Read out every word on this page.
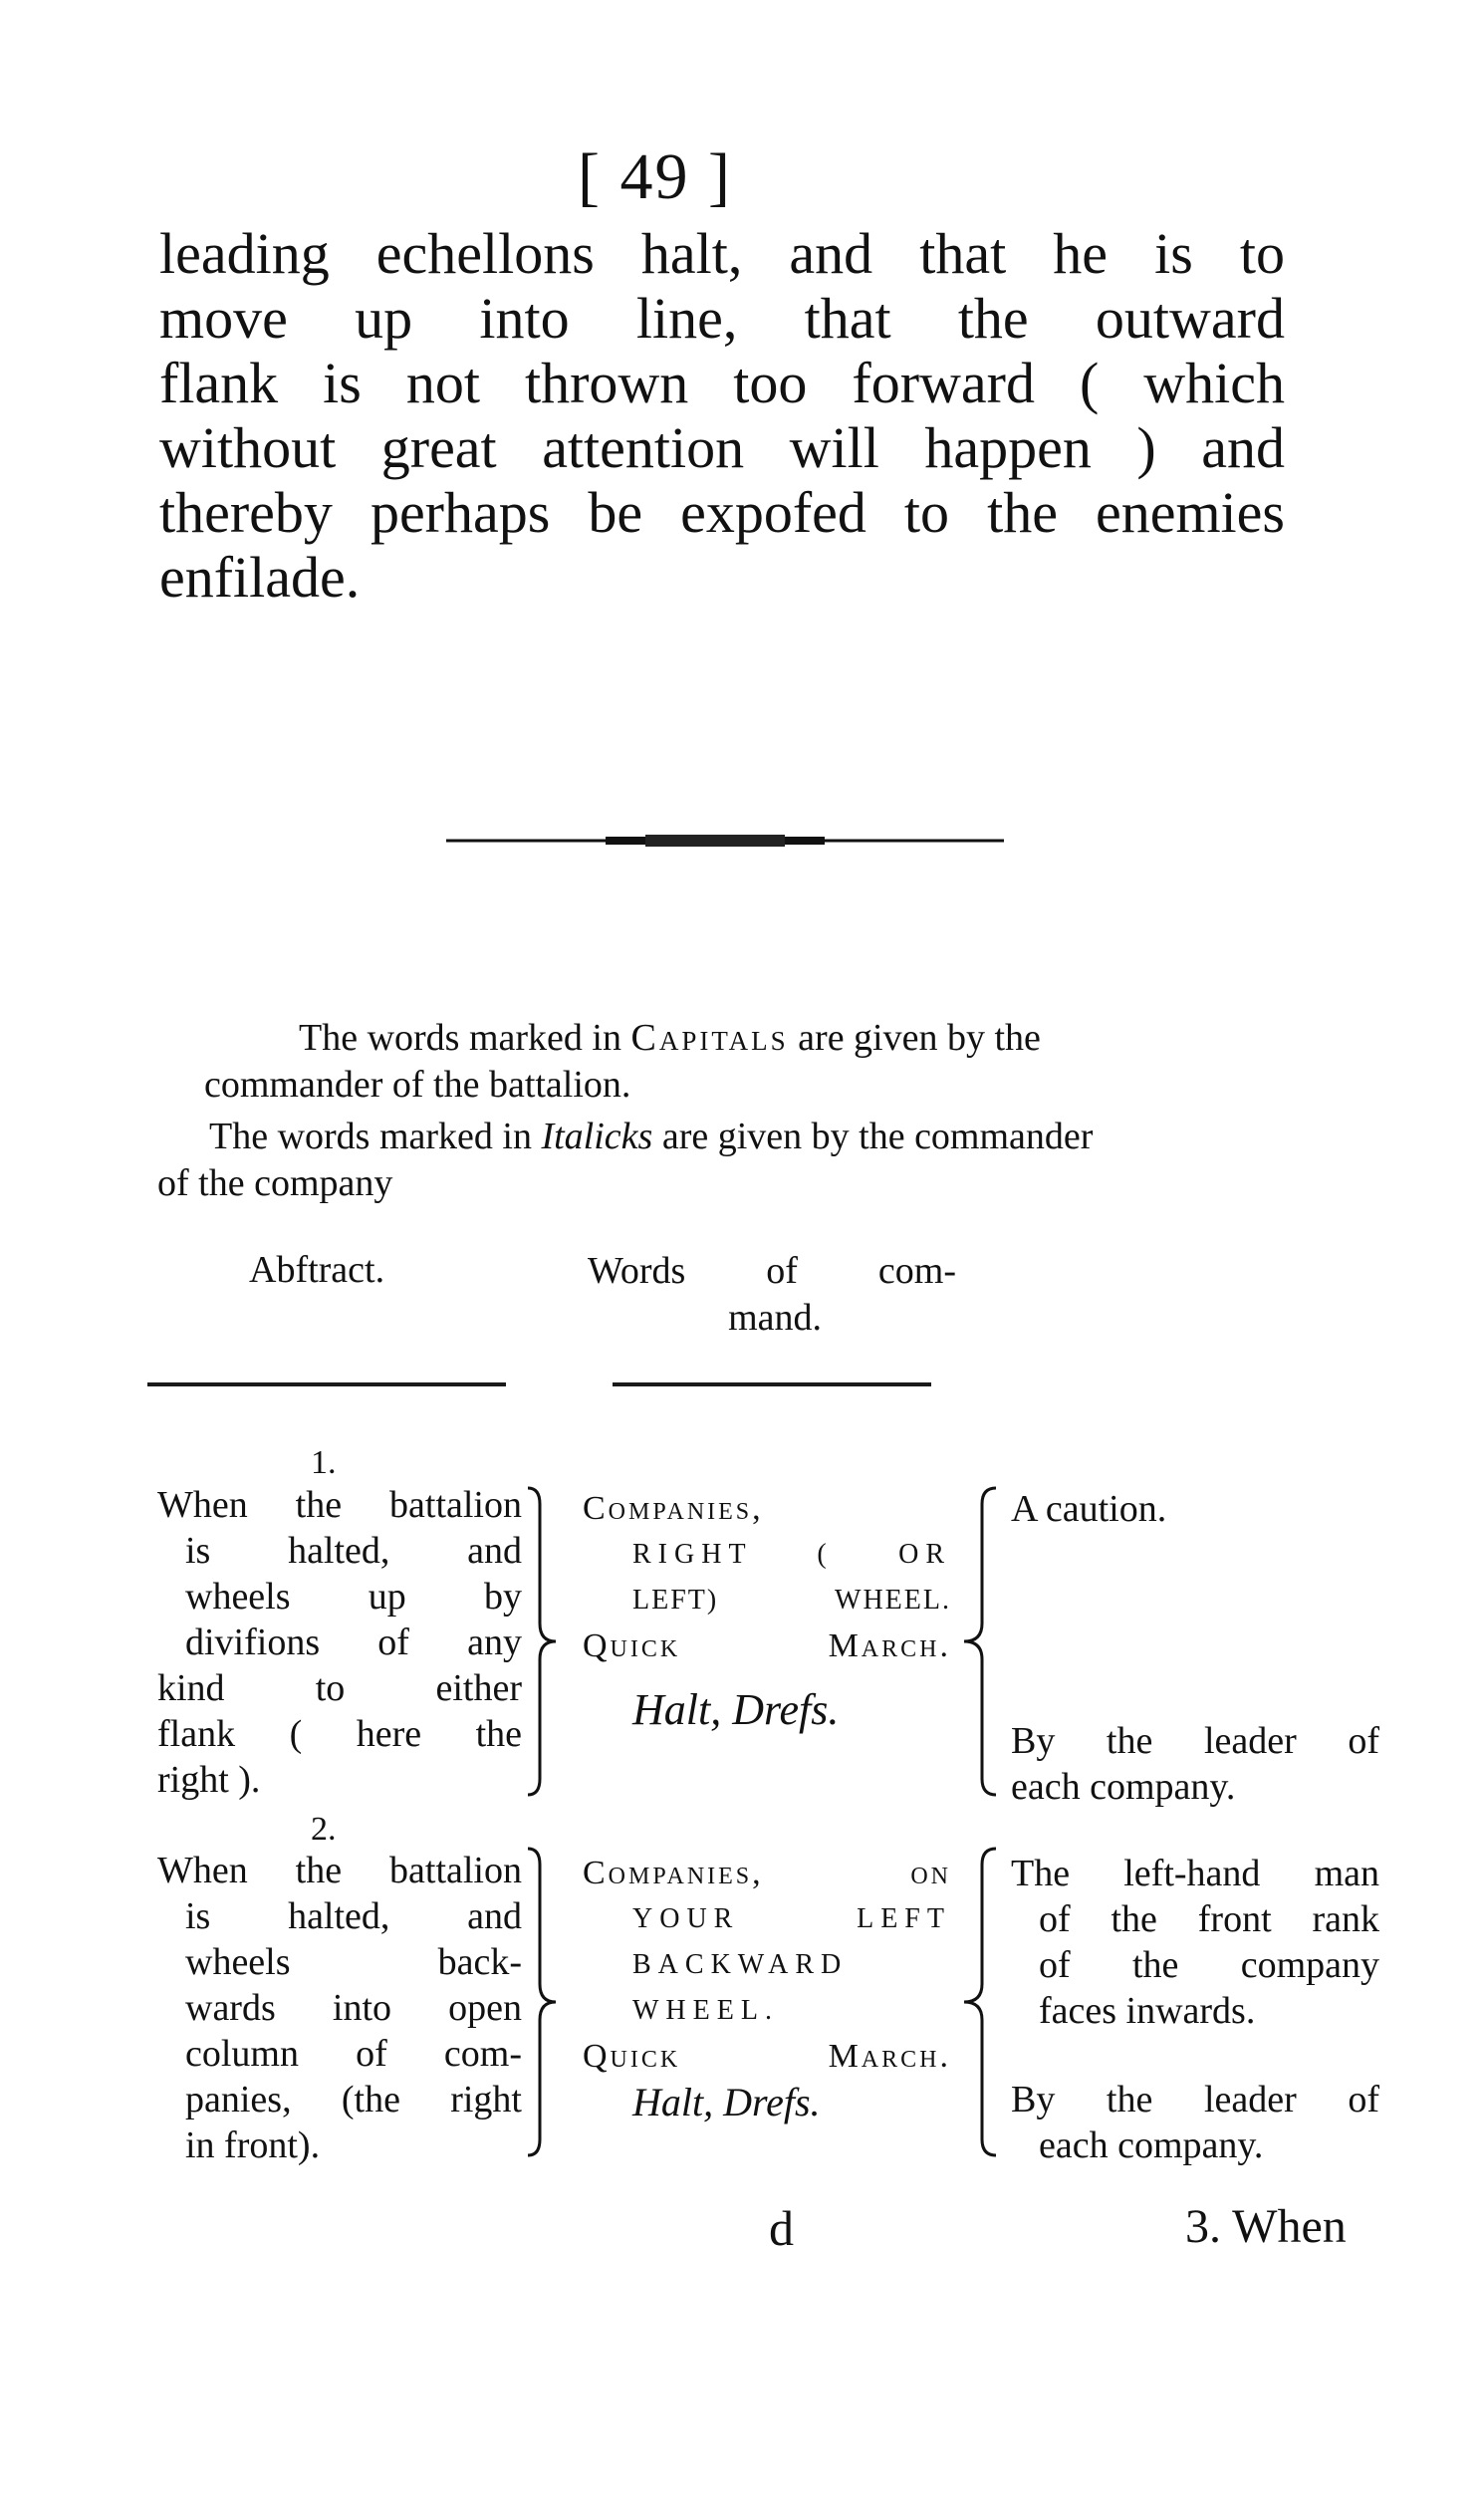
[ 49 ]
leading echellons halt, and that he is to
move up into line, that the outward
flank is not thrown too forward ( which
without great attention will happen ) and
thereby perhaps be expofed to the enemies
enfilade.
The words marked in Capitals are given by the
commander of the battalion.
The words marked in Italicks are given by the commander
of the company
Abftract.	Words of com-
mand.
1.
When the battalion
is halted, and
wheels up by
divifions of any
kind to either
flank ( here the
right ).
Companies,
RIGHT ( OR
LEFT) WHEEL.
Quick March.
Halt, Drefs.
A caution.
By the leader of
each company.
2.
When the battalion
is halted, and
wheels back-
wards into open
column of com-
panies, (the right
in front).
Companies, on
YOUR LEFT
BACKWARD
WHEEL.
Quick March.
Halt, Drefs.
The left-hand man
of the front rank
of the company
faces inwards.
By the leader of
each company.
d	3. When
